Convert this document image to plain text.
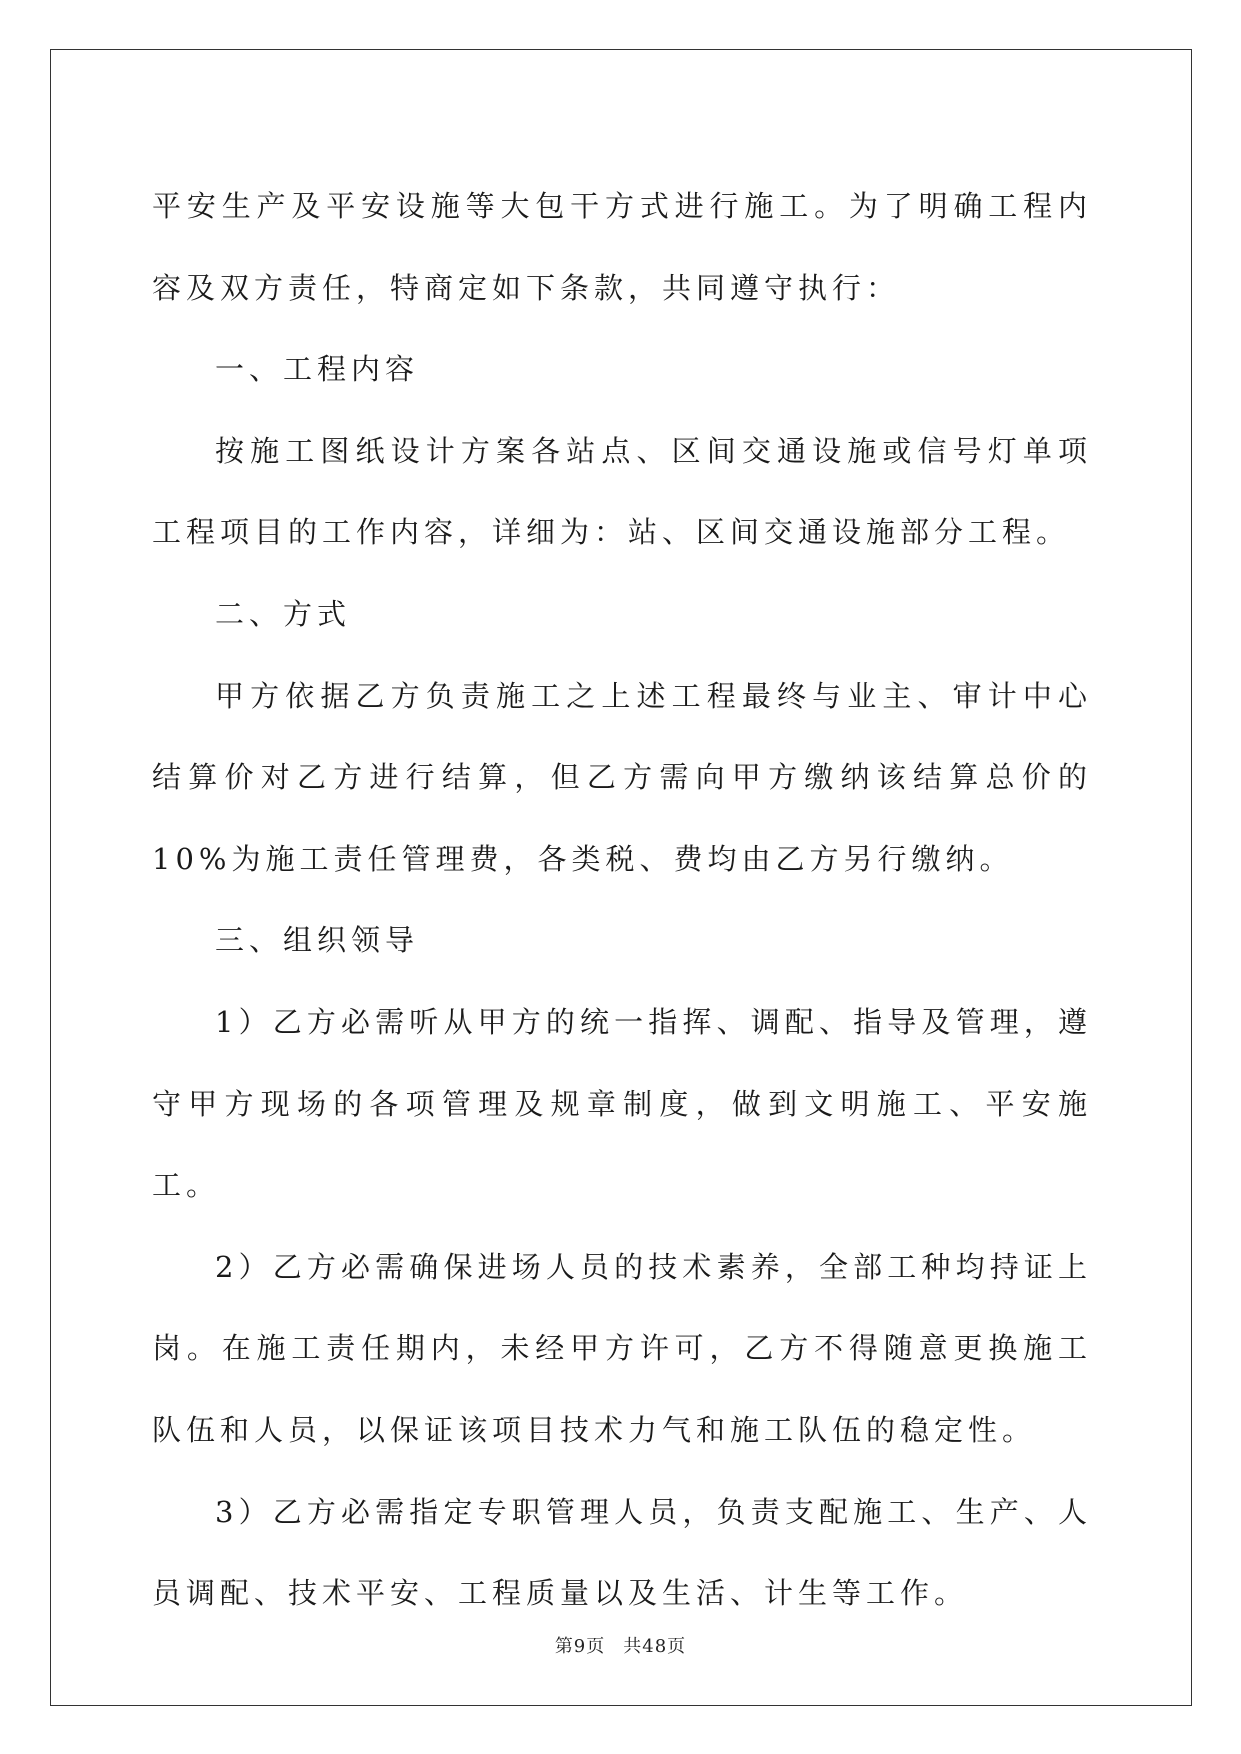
平安生产及平安设施等大包干方式进行施工。为了明确工程内容及双方责任，特商定如下条款，共同遵守执行：

一、工程内容

按施工图纸设计方案各站点、区间交通设施或信号灯单项工程项目的工作内容，详细为：站、区间交通设施部分工程。

二、方式

甲方依据乙方负责施工之上述工程最终与业主、审计中心结算价对乙方进行结算，但乙方需向甲方缴纳该结算总价的10%为施工责任管理费，各类税、费均由乙方另行缴纳。

三、组织领导

1）乙方必需听从甲方的统一指挥、调配、指导及管理，遵守甲方现场的各项管理及规章制度，做到文明施工、平安施工。

2）乙方必需确保进场人员的技术素养，全部工种均持证上岗。在施工责任期内，未经甲方许可，乙方不得随意更换施工队伍和人员，以保证该项目技术力气和施工队伍的稳定性。

3）乙方必需指定专职管理人员，负责支配施工、生产、人员调配、技术平安、工程质量以及生活、计生等工作。

第9页 共48页
